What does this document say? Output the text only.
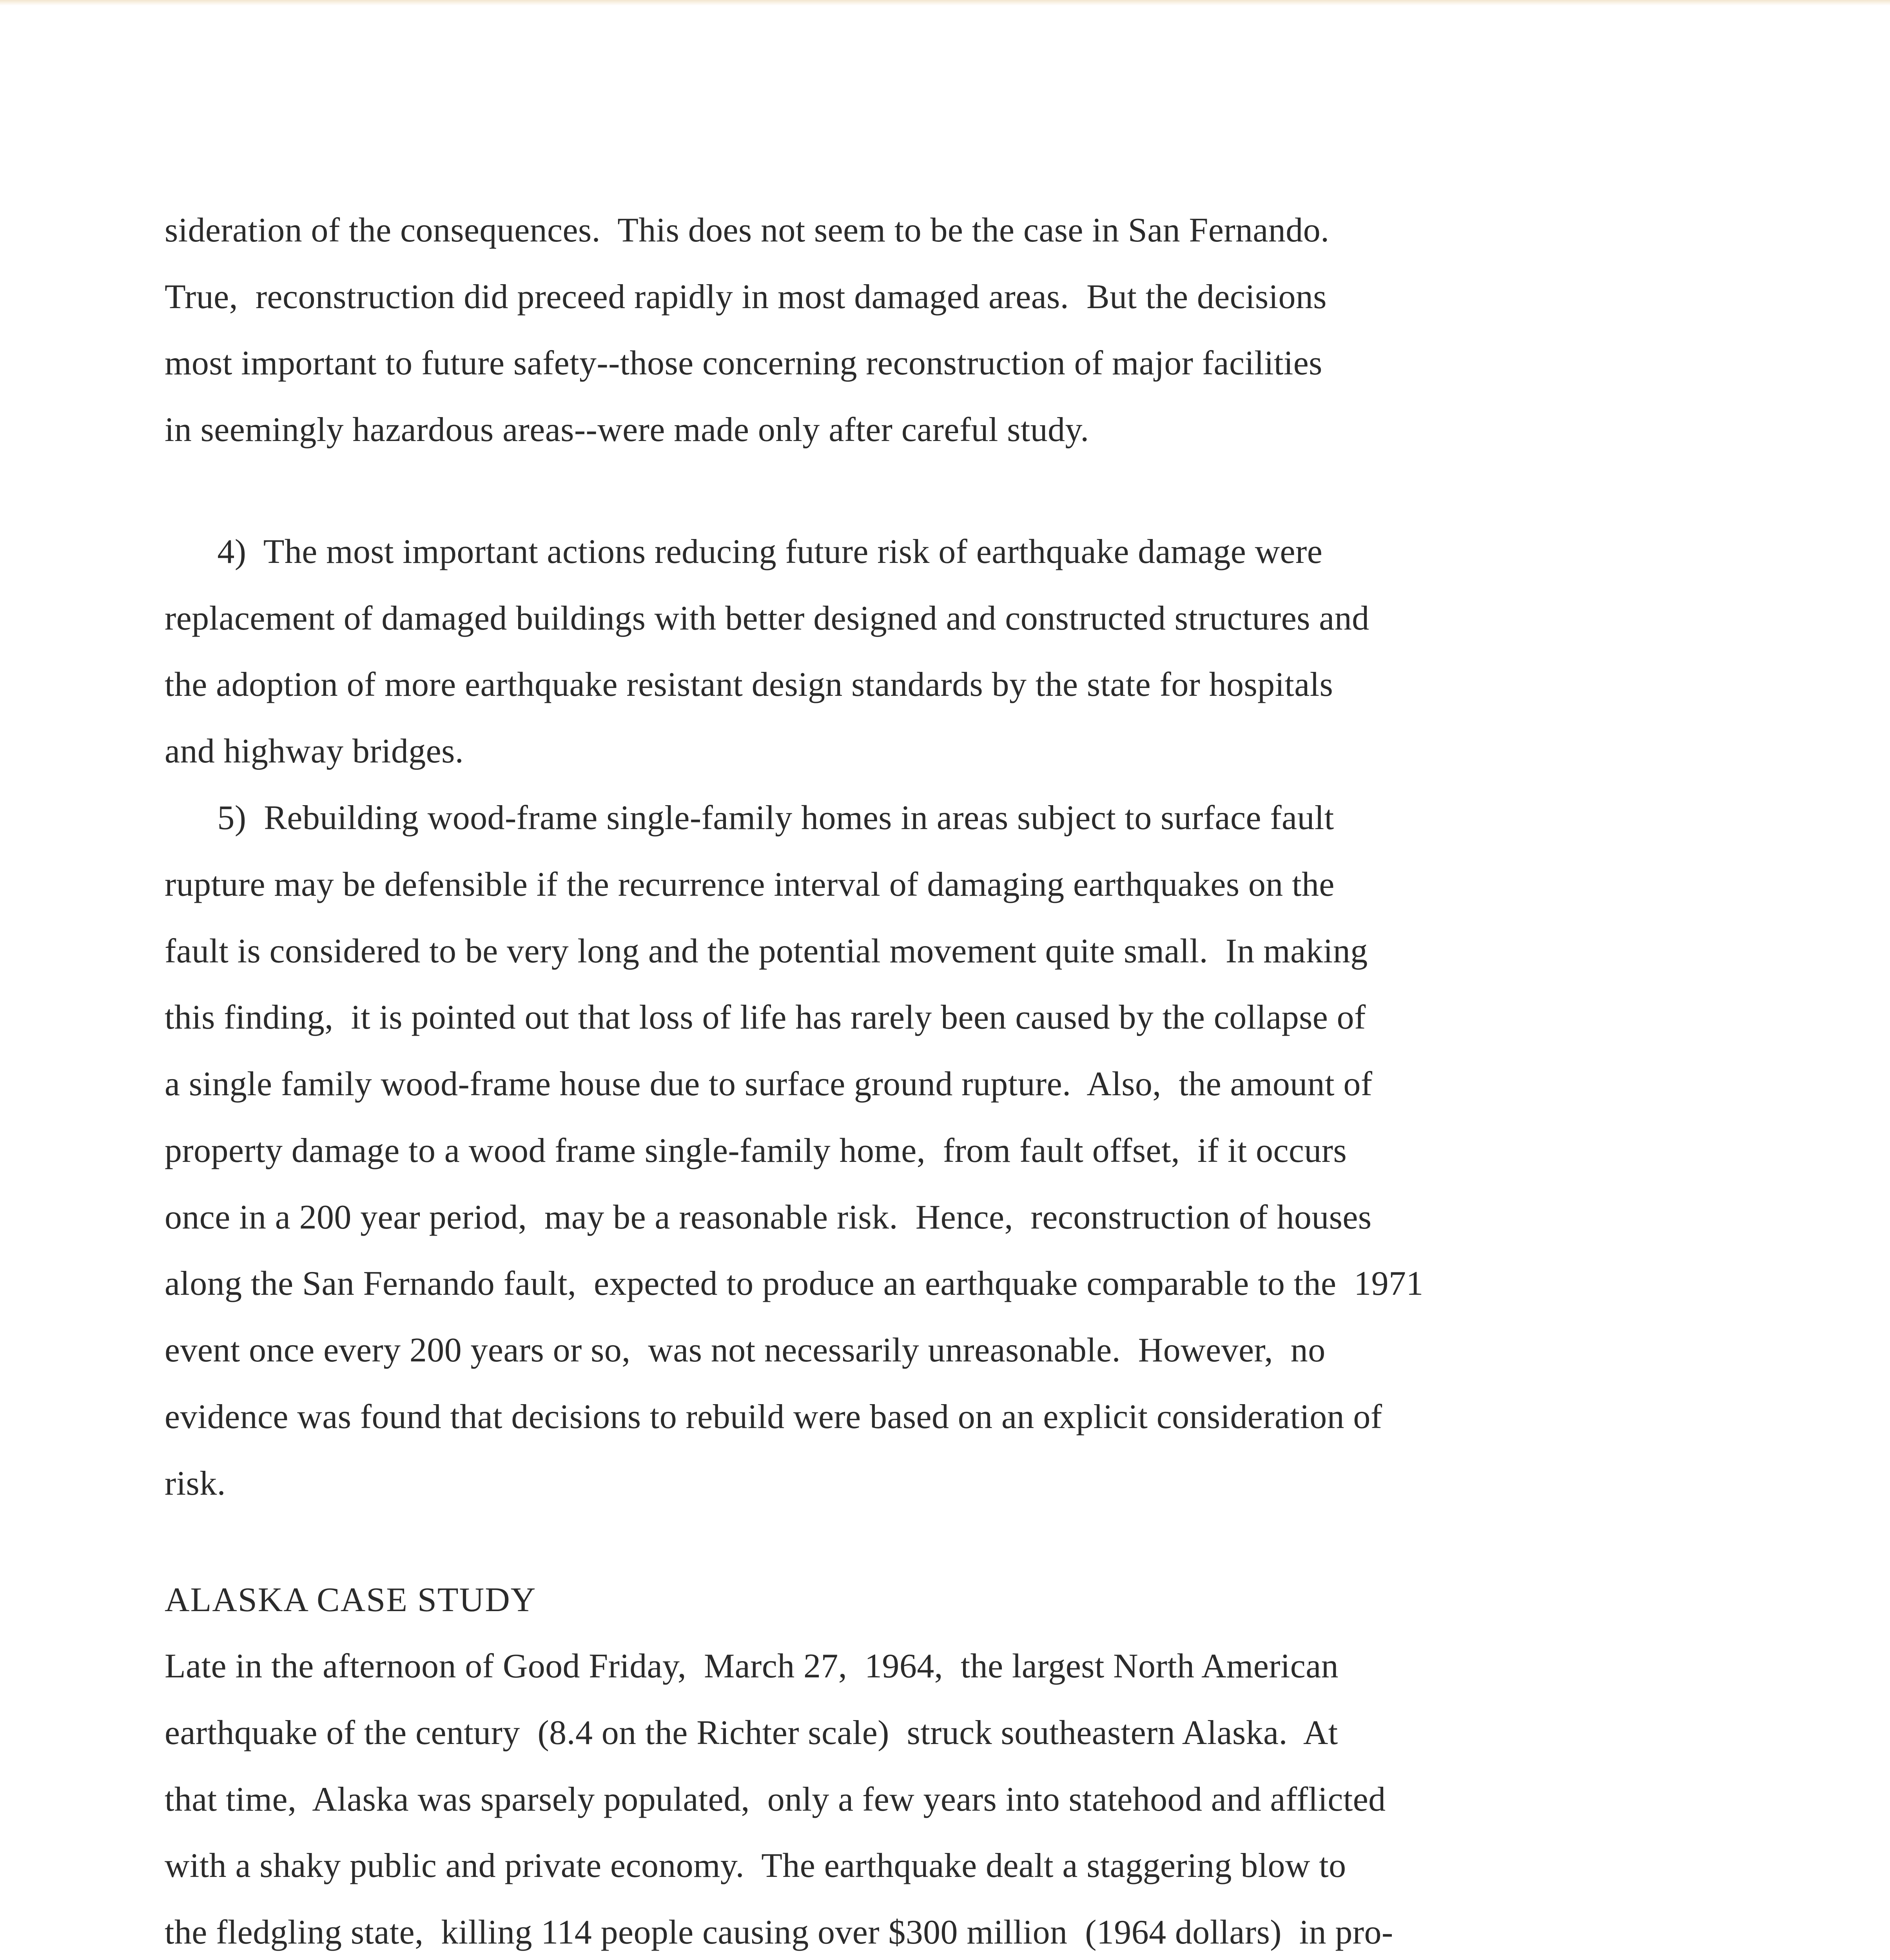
sideration of the consequences.  This does not seem to be the case in San Fernando.
True,  reconstruction did preceed rapidly in most damaged areas.  But the decisions
most important to future safety--those concerning reconstruction of major facilities
in seemingly hazardous areas--were made only after careful study.
4)  The most important actions reducing future risk of earthquake damage were
replacement of damaged buildings with better designed and constructed structures and
the adoption of more earthquake resistant design standards by the state for hospitals
and highway bridges.
5)  Rebuilding wood-frame single-family homes in areas subject to surface fault
rupture may be defensible if the recurrence interval of damaging earthquakes on the
fault is considered to be very long and the potential movement quite small.  In making
this finding,  it is pointed out that loss of life has rarely been caused by the collapse of
a single family wood-frame house due to surface ground rupture.  Also,  the amount of
property damage to a wood frame single-family home,  from fault offset,  if it occurs
once in a 200 year period,  may be a reasonable risk.  Hence,  reconstruction of houses
along the San Fernando fault,  expected to produce an earthquake comparable to the  1971
event once every 200 years or so,  was not necessarily unreasonable.  However,  no
evidence was found that decisions to rebuild were based on an explicit consideration of
risk.
ALASKA CASE STUDY
Late in the afternoon of Good Friday,  March 27,  1964,  the largest North American
earthquake of the century  (8.4 on the Richter scale)  struck southeastern Alaska.  At
that time,  Alaska was sparsely populated,  only a few years into statehood and afflicted
with a shaky public and private economy.  The earthquake dealt a staggering blow to
the fledgling state,  killing 114 people causing over $300 million  (1964 dollars)  in pro-
